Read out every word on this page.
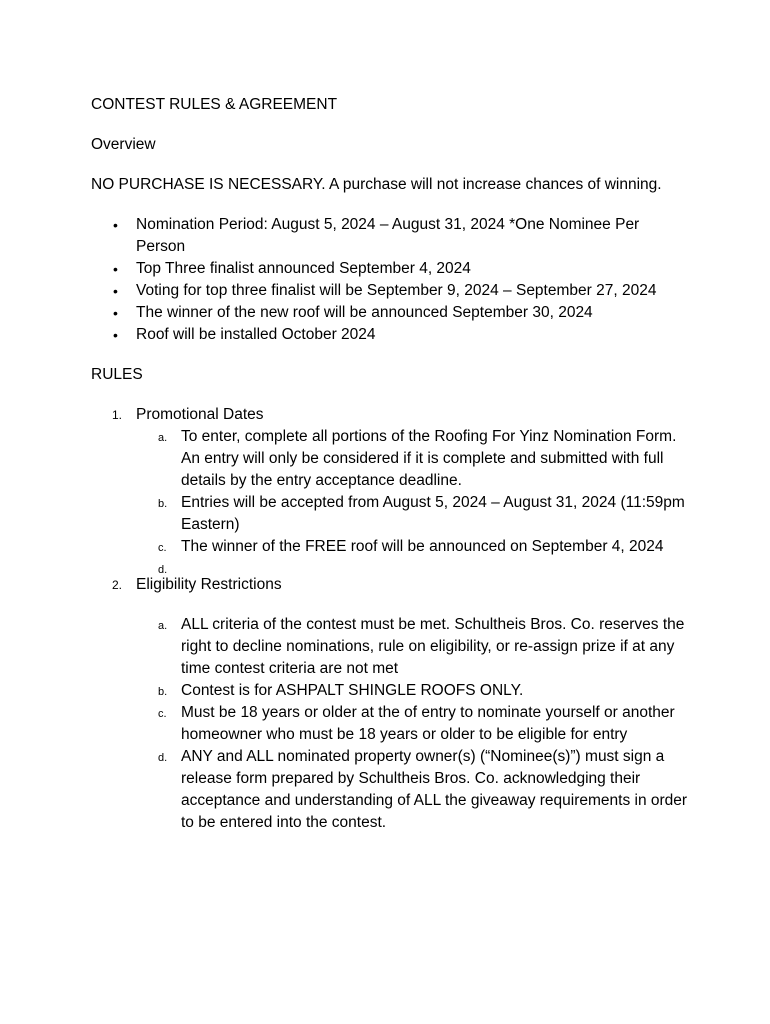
CONTEST RULES & AGREEMENT

Overview

NO PURCHASE IS NECESSARY. A purchase will not increase chances of winning.

• Nomination Period: August 5, 2024 – August 31, 2024 *One Nominee Per Person
• Top Three finalist announced September 4, 2024
• Voting for top three finalist will be September 9, 2024 – September 27, 2024
• The winner of the new roof will be announced September 30, 2024
• Roof will be installed October 2024

RULES

1. Promotional Dates
a. To enter, complete all portions of the Roofing For Yinz Nomination Form. An entry will only be considered if it is complete and submitted with full details by the entry acceptance deadline.
b. Entries will be accepted from August 5, 2024 – August 31, 2024 (11:59pm Eastern)
c. The winner of the FREE roof will be announced on September 4, 2024
d.
2. Eligibility Restrictions
a. ALL criteria of the contest must be met. Schultheis Bros. Co. reserves the right to decline nominations, rule on eligibility, or re-assign prize if at any time contest criteria are not met
b. Contest is for ASHPALT SHINGLE ROOFS ONLY.
c. Must be 18 years or older at the of entry to nominate yourself or another homeowner who must be 18 years or older to be eligible for entry
d. ANY and ALL nominated property owner(s) (“Nominee(s)”) must sign a release form prepared by Schultheis Bros. Co. acknowledging their acceptance and understanding of ALL the giveaway requirements in order to be entered into the contest.
